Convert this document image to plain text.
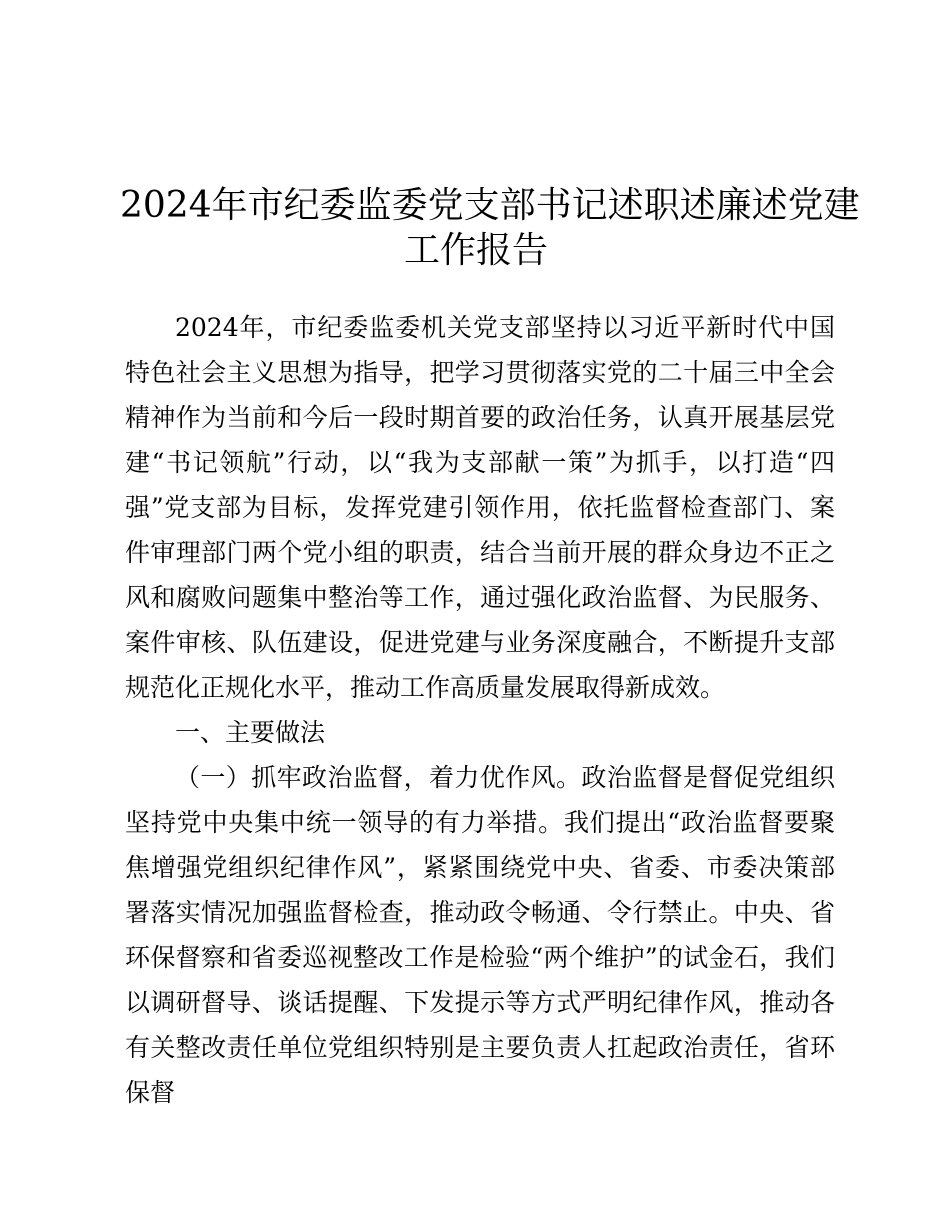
2024年市纪委监委党支部书记述职述廉述党建
工作报告

2024年，市纪委监委机关党支部坚持以习近平新时代中国特色社会主义思想为指导，把学习贯彻落实党的二十届三中全会精神作为当前和今后一段时期首要的政治任务，认真开展基层党建“书记领航”行动，以“我为支部献一策”为抓手，以打造“四强”党支部为目标，发挥党建引领作用，依托监督检查部门、案件审理部门两个党小组的职责，结合当前开展的群众身边不正之风和腐败问题集中整治等工作，通过强化政治监督、为民服务、案件审核、队伍建设，促进党建与业务深度融合，不断提升支部规范化正规化水平，推动工作高质量发展取得新成效。

一、主要做法

（一）抓牢政治监督，着力优作风。政治监督是督促党组织坚持党中央集中统一领导的有力举措。我们提出“政治监督要聚焦增强党组织纪律作风”，紧紧围绕党中央、省委、市委决策部署落实情况加强监督检查，推动政令畅通、令行禁止。中央、省环保督察和省委巡视整改工作是检验“两个维护”的试金石，我们以调研督导、谈话提醒、下发提示等方式严明纪律作风，推动各有关整改责任单位党组织特别是主要负责人扛起政治责任，省环保督
